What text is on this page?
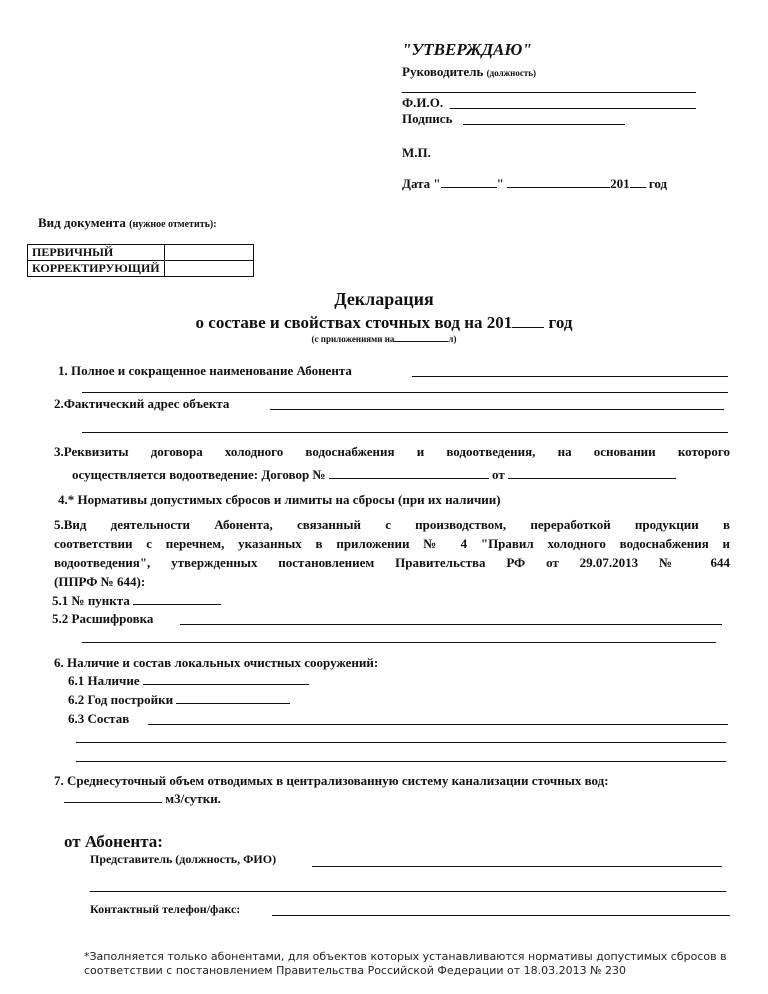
"УТВЕРЖДАЮ"
Руководитель (должность)
Ф.И.О.
Подпись
М.П.
Дата "	"	201 год
Вид документа (нужное отметить):
ПЕРВИЧНЫЙ	
КОРРЕКТИРУЮЩИЙ	
Декларация
о составе и свойствах сточных вод на 201 год
(с приложениями на	л)
1. Полное и сокращенное наименование Абонента
2.Фактический адрес объекта
3.Реквизиты договора холодного водоснабжения и водоотведения, на основании которого
осуществляется водоотведение: Договор №	от
4.* Нормативы допустимых сбросов и лимиты на сбросы (при их наличии)
5.Вид деятельности Абонента, связанный с производством, переработкой продукции в
соответствии с перечнем, указанных в приложении № 4 "Правил холодного водоснабжения и
водоотведения", утвержденных постановлением Правительства РФ от 29.07.2013 № 644
(ППРФ № 644):
5.1 № пункта
5.2 Расшифровка
6. Наличие и состав локальных очистных сооружений:
6.1 Наличие
6.2 Год постройки
6.3 Состав
7. Среднесуточный объем отводимых в централизованную систему канализации сточных вод:
м3/сутки.
от Абонента:
Представитель (должность, ФИО)
Контактный телефон/факс:
*Заполняется только абонентами, для объектов которых устанавливаются нормативы допустимых сбросов в
соответствии с постановлением Правительства Российской Федерации от 18.03.2013 № 230
